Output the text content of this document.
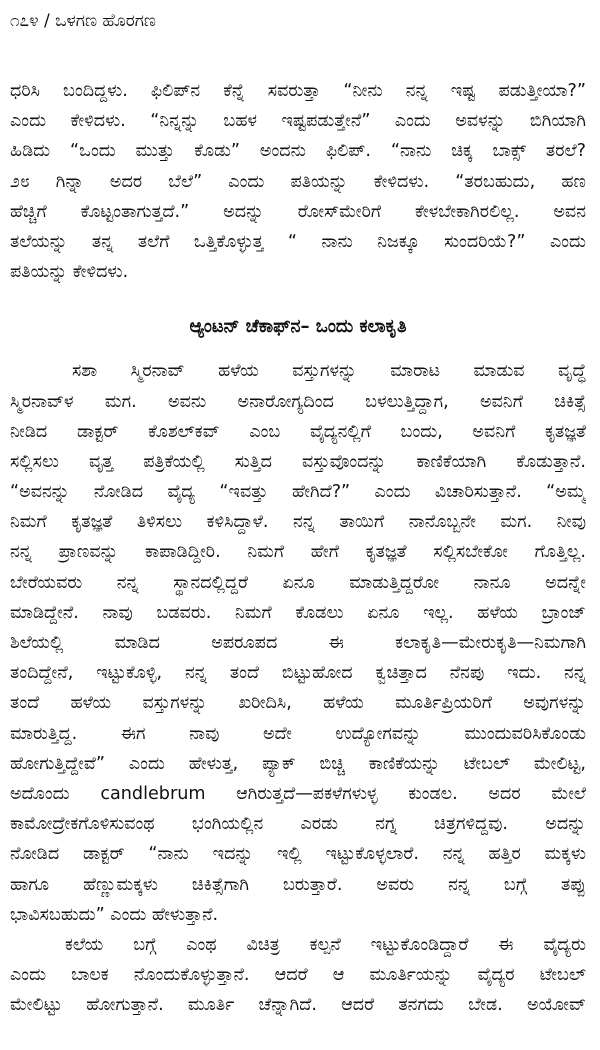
೧೭೪ / ಒಳಗಣ ಹೊರಗಣ
ಧರಿಸಿ ಬಂದಿದ್ದಳು. ಫಿಲಿಪ್‌ನ ಕೆನ್ನೆ ಸವರುತ್ತಾ “ನೀನು ನನ್ನ ಇಷ್ಟ ಪಡುತ್ತೀಯಾ?”
ಎಂದು ಕೇಳಿದಳು. “ನಿನ್ನನ್ನು ಬಹಳ ಇಷ್ಟಪಡುತ್ತೇನೆ” ಎಂದು ಅವಳನ್ನು ಬಿಗಿಯಾಗಿ
ಹಿಡಿದು “ಒಂದು ಮುತ್ತು ಕೊಡು” ಅಂದನು ಫಿಲಿಪ್. “ನಾನು ಚಿಕ್ಕ ಬಾಕ್ಸ್ ತರಲೆ?
೨೮ ಗಿನ್ನಾ ಅದರ ಬೆಲೆ” ಎಂದು ಪತಿಯನ್ನು ಕೇಳಿದಳು. “ತರಬಹುದು, ಹಣ
ಹೆಚ್ಚಿಗೆ ಕೊಟ್ಟಂತಾಗುತ್ತದೆ.” ಅದನ್ನು ರೋಸ್‌ಮೇರಿಗೆ ಕೇಳಬೇಕಾಗಿರಲಿಲ್ಲ. ಅವನ
ತಲೆಯನ್ನು ತನ್ನ ತಲೆಗೆ ಒತ್ತಿಕೊಳ್ಳುತ್ತ “ ನಾನು ನಿಜಕ್ಕೂ ಸುಂದರಿಯೆ?” ಎಂದು
ಪತಿಯನ್ನು ಕೇಳಿದಳು.
ಆ್ಯಂಟನ್ ಚೆಕಾಫ್‌ನ– ಒಂದು ಕಲಾಕೃತಿ
ಸಶಾ ಸ್ಮಿರನಾವ್ ಹಳೆಯ ವಸ್ತುಗಳನ್ನು ಮಾರಾಟ ಮಾಡುವ ವೃದ್ಧೆ
ಸ್ಮಿರನಾವ್‌ಳ ಮಗ. ಅವನು ಅನಾರೋಗ್ಯದಿಂದ ಬಳಲುತ್ತಿದ್ದಾಗ, ಅವನಿಗೆ ಚಿಕಿತ್ಸೆ
ನೀಡಿದ ಡಾಕ್ಟರ್ ಕೊಶಲ್‌ಕವ್ ಎಂಬ ವೈದ್ಯನಲ್ಲಿಗೆ ಬಂದು, ಅವನಿಗೆ ಕೃತಜ್ಞತೆ
ಸಲ್ಲಿಸಲು ವೃತ್ತ ಪತ್ರಿಕೆಯಲ್ಲಿ ಸುತ್ತಿದ ವಸ್ತುವೊಂದನ್ನು ಕಾಣಿಕೆಯಾಗಿ ಕೊಡುತ್ತಾನೆ.
“ಅವನನ್ನು ನೋಡಿದ ವೈದ್ಯ “ಇವತ್ತು ಹೇಗಿದೆ?” ಎಂದು ವಿಚಾರಿಸುತ್ತಾನೆ. “ಅಮ್ಮ
ನಿಮಗೆ ಕೃತಜ್ಞತೆ ತಿಳಿಸಲು ಕಳಿಸಿದ್ದಾಳೆ. ನನ್ನ ತಾಯಿಗೆ ನಾನೊಬ್ಬನೇ ಮಗ. ನೀವು
ನನ್ನ ಪ್ರಾಣವನ್ನು ಕಾಪಾಡಿದ್ದೀರಿ. ನಿಮಗೆ ಹೇಗೆ ಕೃತಜ್ಞತೆ ಸಲ್ಲಿಸಬೇಕೋ ಗೊತ್ತಿಲ್ಲ.
ಬೇರೆಯವರು ನನ್ನ ಸ್ಥಾನದಲ್ಲಿದ್ದರೆ ಏನೂ ಮಾಡುತ್ತಿದ್ದರೋ ನಾನೂ ಅದನ್ನೇ
ಮಾಡಿದ್ದೇನೆ. ನಾವು ಬಡವರು. ನಿಮಗೆ ಕೊಡಲು ಏನೂ ಇಲ್ಲ. ಹಳೆಯ ಬ್ರಾಂಜ್
ಶಿಲೆಯಲ್ಲಿ ಮಾಡಿದ ಅಪರೂಪದ ಈ ಕಲಾಕೃತಿ—ಮೇರುಕೃತಿ—ನಿಮಗಾಗಿ
ತಂದಿದ್ದೇನೆ, ಇಟ್ಟುಕೊಳ್ಳಿ, ನನ್ನ ತಂದೆ ಬಿಟ್ಟುಹೋದ ಕ್ವಚಿತ್ತಾದ ನೆನಪು ಇದು. ನನ್ನ
ತಂದೆ ಹಳೆಯ ವಸ್ತುಗಳನ್ನು ಖರೀದಿಸಿ, ಹಳೆಯ ಮೂರ್ತಿಪ್ರಿಯರಿಗೆ ಅವುಗಳನ್ನು
ಮಾರುತ್ತಿದ್ದ. ಈಗ ನಾವು ಅದೇ ಉದ್ಯೋಗವನ್ನು ಮುಂದುವರಿಸಿಕೊಂಡು
ಹೋಗುತ್ತಿದ್ದೇವೆ” ಎಂದು ಹೇಳುತ್ತ, ಪ್ಯಾಕ್ ಬಿಚ್ಚಿ ಕಾಣಿಕೆಯನ್ನು ಟೇಬಲ್ ಮೇಲಿಟ್ಟ,
ಅದೊಂದು candlebrum ಆಗಿರುತ್ತದೆ—ಪಕಳೆಗಳುಳ್ಳ ಕುಂಡಲ. ಅದರ ಮೇಲೆ
ಕಾಮೋದ್ರೇಕಗೊಳಿಸುವಂಥ ಭಂಗಿಯಲ್ಲಿನ ಎರಡು ನಗ್ನ ಚಿತ್ರಗಳಿದ್ದವು. ಅದನ್ನು
ನೋಡಿದ ಡಾಕ್ಟರ್ “ನಾನು ಇದನ್ನು ಇಲ್ಲಿ ಇಟ್ಟುಕೊಳ್ಳಲಾರೆ. ನನ್ನ ಹತ್ತಿರ ಮಕ್ಕಳು
ಹಾಗೂ ಹೆಣ್ಣುಮಕ್ಕಳು ಚಿಕಿತ್ಸೆಗಾಗಿ ಬರುತ್ತಾರೆ. ಅವರು ನನ್ನ ಬಗ್ಗೆ ತಪ್ಪು
ಭಾವಿಸಬಹುದು” ಎಂದು ಹೇಳುತ್ತಾನೆ.
ಕಲೆಯ ಬಗ್ಗೆ ಎಂಥ ವಿಚಿತ್ರ ಕಲ್ಪನೆ ಇಟ್ಟುಕೊಂಡಿದ್ದಾರೆ ಈ ವೈದ್ಯರು
ಎಂದು ಬಾಲಕ ನೊಂದುಕೊಳ್ಳುತ್ತಾನೆ. ಆದರೆ ಆ ಮೂರ್ತಿಯನ್ನು ವೈದ್ಯರ ಟೇಬಲ್
ಮೇಲಿಟ್ಟು ಹೋಗುತ್ತಾನೆ. ಮೂರ್ತಿ ಚೆನ್ನಾಗಿದೆ. ಆದರೆ ತನಗದು ಬೇಡ. ಅಯೋವ್
